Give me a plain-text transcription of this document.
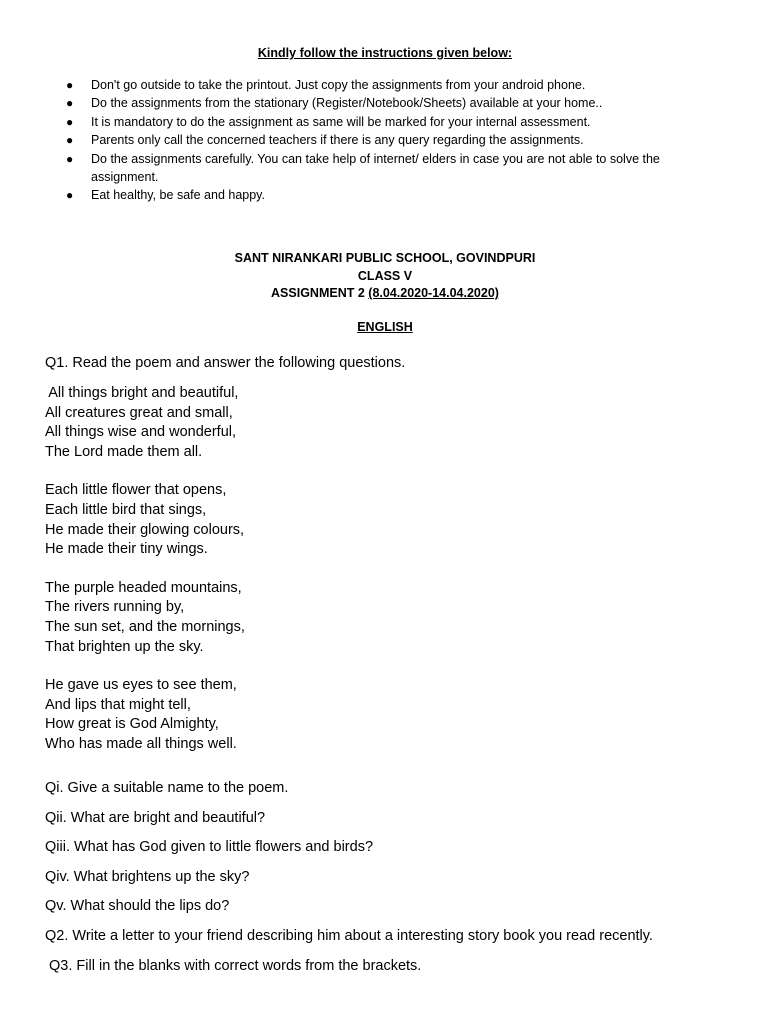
Kindly follow the instructions given below:
● Don't go outside to take the printout. Just copy the assignments from your android phone.
● Do the assignments from the stationary (Register/Notebook/Sheets) available at your home..
● It is mandatory to do the assignment as same will be marked for your internal assessment.
● Parents only call the concerned teachers if there is any query regarding the assignments.
● Do the assignments carefully. You can take help of internet/ elders in case you are not able to solve the assignment.
● Eat healthy, be safe and happy.
SANT NIRANKARI PUBLIC SCHOOL, GOVINDPURI
CLASS V
ASSIGNMENT 2 (8.04.2020-14.04.2020)
ENGLISH
Q1. Read the poem and answer the following questions.
All things bright and beautiful,
All creatures great and small,
All things wise and wonderful,
The Lord made them all.
Each little flower that opens,
Each little bird that sings,
He made their glowing colours,
He made their tiny wings.
The purple headed mountains,
The rivers running by,
The sun set, and the mornings,
That brighten up the sky.
He gave us eyes to see them,
And lips that might tell,
How great is God Almighty,
Who has made all things well.
Qi. Give a suitable name to the poem.
Qii. What are bright and beautiful?
Qiii. What has God given to little flowers and birds?
Qiv. What brightens up the sky?
Qv. What should the lips do?
Q2. Write a letter to your friend describing him about a interesting story book you read recently.
Q3. Fill in the blanks with correct words from the brackets.
